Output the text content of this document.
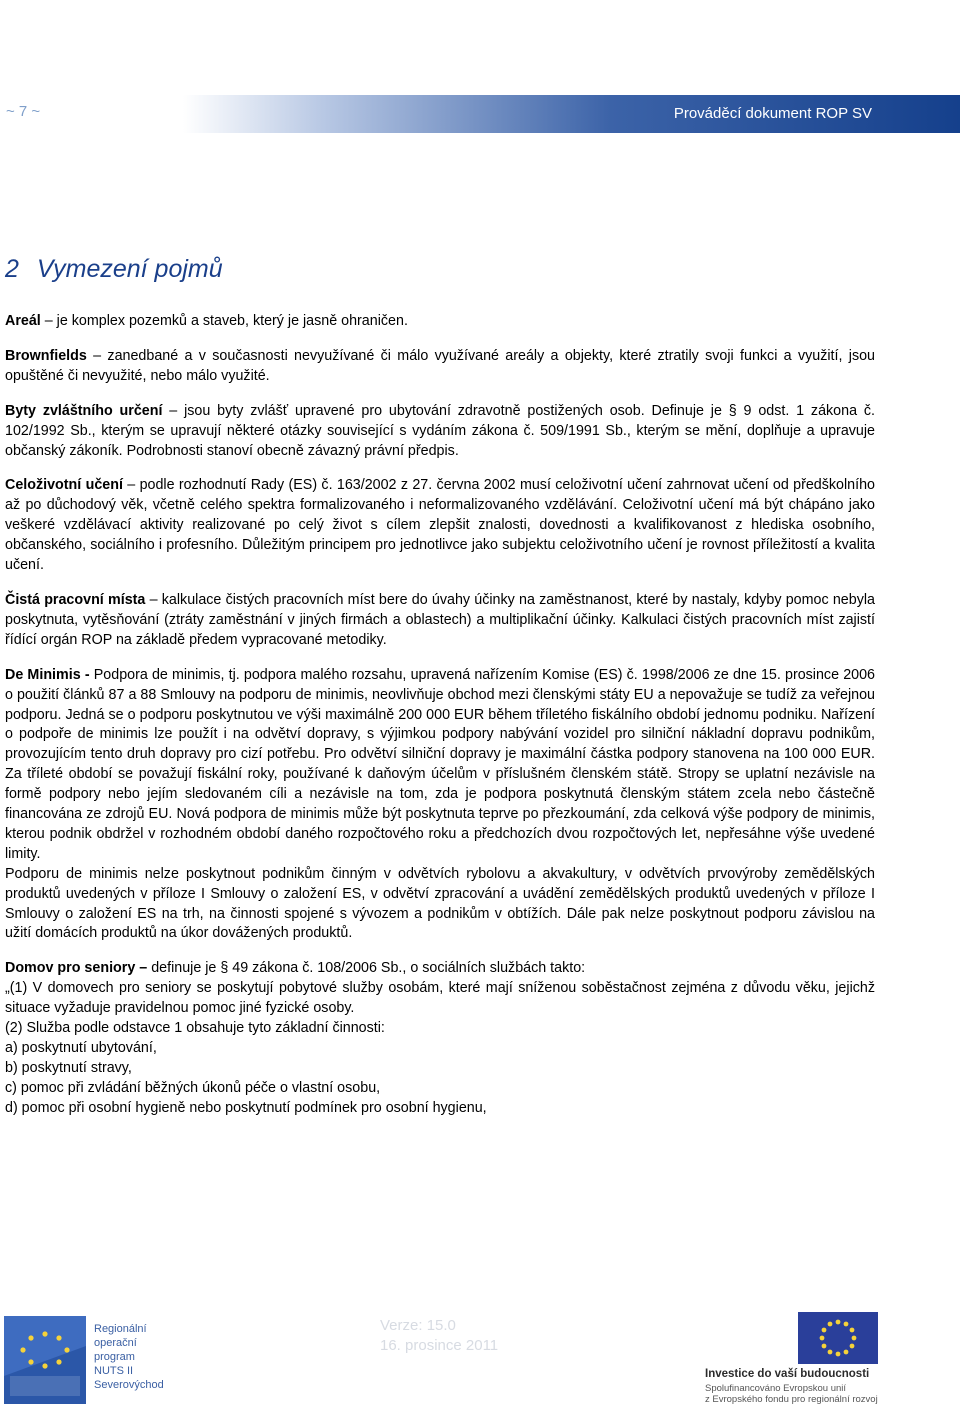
~ 7 ~	Prováděcí dokument ROP SV
2 Vymezení pojmů

Areál – je komplex pozemků a staveb, který je jasně ohraničen.

Brownfields – zanedbané a v současnosti nevyužívané či málo využívané areály a objekty, které ztratily svoji funkci a využití, jsou opuštěné či nevyužité, nebo málo využité.

Byty zvláštního určení – jsou byty zvlášť upravené pro ubytování zdravotně postižených osob. Definuje je § 9 odst. 1 zákona č. 102/1992 Sb., kterým se upravují některé otázky související s vydáním zákona č. 509/1991 Sb., kterým se mění, doplňuje a upravuje občanský zákoník. Podrobnosti stanoví obecně závazný právní předpis.

Celoživotní učení – podle rozhodnutí Rady (ES) č. 163/2002 z 27. června 2002 musí celoživotní učení zahrnovat učení od předškolního až po důchodový věk, včetně celého spektra formalizovaného i neformalizovaného vzdělávání. Celoživotní učení má být chápáno jako veškeré vzdělávací aktivity realizované po celý život s cílem zlepšit znalosti, dovednosti a kvalifikovanost z hlediska osobního, občanského, sociálního i profesního. Důležitým principem pro jednotlivce jako subjektu celoživotního učení je rovnost příležitostí a kvalita učení.

Čistá pracovní místa – kalkulace čistých pracovních míst bere do úvahy účinky na zaměstnanost, které by nastaly, kdyby pomoc nebyla poskytnuta, vytěsňování (ztráty zaměstnání v jiných firmách a oblastech) a multiplikační účinky. Kalkulaci čistých pracovních míst zajistí řídící orgán ROP na základě předem vypracované metodiky.

De Minimis - Podpora de minimis, tj. podpora malého rozsahu, upravená nařízením Komise (ES) č. 1998/2006 ze dne 15. prosince 2006 o použití článků 87 a 88 Smlouvy na podporu de minimis, neovlivňuje obchod mezi členskými státy EU a nepovažuje se tudíž za veřejnou podporu. Jedná se o podporu poskytnutou ve výši maximálně 200 000 EUR během tříletého fiskálního období jednomu podniku. Nařízení o podpoře de minimis lze použít i na odvětví dopravy, s výjimkou podpory nabývání vozidel pro silniční nákladní dopravu podnikům, provozujícím tento druh dopravy pro cizí potřebu. Pro odvětví silniční dopravy je maximální částka podpory stanovena na 100 000 EUR. Za tříleté období se považují fiskální roky, používané k daňovým účelům v příslušném členském státě. Stropy se uplatní nezávisle na formě podpory nebo jejím sledovaném cíli a nezávisle na tom, zda je podpora poskytnutá členským státem zcela nebo částečně financována ze zdrojů EU. Nová podpora de minimis může být poskytnuta teprve po přezkoumání, zda celková výše podpory de minimis, kterou podnik obdržel v rozhodném období daného rozpočtového roku a předchozích dvou rozpočtových let, nepřesáhne výše uvedené limity.

Podporu de minimis nelze poskytnout podnikům činným v odvětvích rybolovu a akvakultury, v odvětvích prvovýroby zemědělských produktů uvedených v příloze I Smlouvy o založení ES, v odvětví zpracování a uvádění zemědělských produktů uvedených v příloze I Smlouvy o založení ES na trh, na činnosti spojené s vývozem a podnikům v obtížích. Dále pak nelze poskytnout podporu závislou na užití domácích produktů na úkor dovážených produktů.

Domov pro seniory – definuje je § 49 zákona č. 108/2006 Sb., o sociálních službách takto:

„(1) V domovech pro seniory se poskytují pobytové služby osobám, které mají sníženou soběstačnost zejména z důvodu věku, jejichž situace vyžaduje pravidelnou pomoc jiné fyzické osoby.

(2) Služba podle odstavce 1 obsahuje tyto základní činnosti:

a) poskytnutí ubytování,
b) poskytnutí stravy,
c) pomoc při zvládání běžných úkonů péče o vlastní osobu,
d) pomoc při osobní hygieně nebo poskytnutí podmínek pro osobní hygienu,

Regionální
operační program
NUTS II Severovýchod
Verze: 15.0
16. prosince 2011
Investice do vaší budoucnosti
Spolufinancováno Evropskou unií
z Evropského fondu pro regionální rozvoj
